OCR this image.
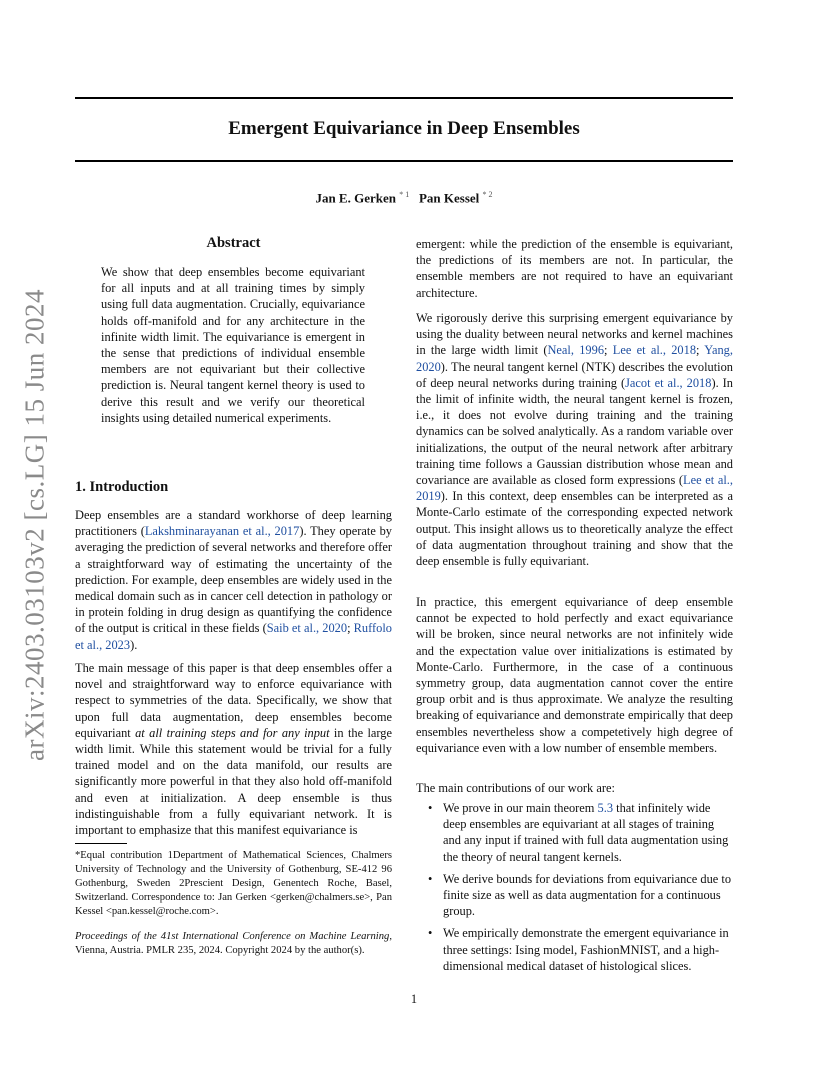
arXiv:2403.03103v2 [cs.LG] 15 Jun 2024
Emergent Equivariance in Deep Ensembles
Jan E. Gerken $^{* 1}$ Pan Kessel $^{* 2}$
Abstract

We show that deep ensembles become equivariant for all inputs and at all training times by simply using full data augmentation. Crucially, equivariance holds off-manifold and for any architecture in the infinite width limit. The equivariance is emergent in the sense that predictions of individual ensemble members are not equivariant but their collective prediction is. Neural tangent kernel theory is used to derive this result and we verify our theoretical insights using detailed numerical experiments.

1. Introduction

Deep ensembles are a standard workhorse of deep learning practitioners (Lakshminarayanan et al., 2017). They operate by averaging the prediction of several networks and therefore offer a straightforward way of estimating the uncertainty of the prediction. For example, deep ensembles are widely used in the medical domain such as in cancer cell detection in pathology or in protein folding in drug design as quantifying the confidence of the output is critical in these fields (Saib et al., 2020; Ruffolo et al., 2023).

The main message of this paper is that deep ensembles offer a novel and straightforward way to enforce equivariance with respect to symmetries of the data. Specifically, we show that upon full data augmentation, deep ensembles become equivariant at all training steps and for any input in the large width limit. While this statement would be trivial for a fully trained model and on the data manifold, our results are significantly more powerful in that they also hold off-manifold and even at initialization. A deep ensemble is thus indistinguishable from a fully equivariant network. It is important to emphasize that this manifest equivariance is

*Equal contribution 1Department of Mathematical Sciences, Chalmers University of Technology and the University of Gothenburg, SE-412 96 Gothenburg, Sweden 2Prescient Design, Genentech Roche, Basel, Switzerland. Correspondence to: Jan Gerken <gerken@chalmers.se>, Pan Kessel <pan.kessel@roche.com>.

Proceedings of the 41st International Conference on Machine Learning, Vienna, Austria. PMLR 235, 2024. Copyright 2024 by the author(s).

emergent: while the prediction of the ensemble is equivariant, the predictions of its members are not. In particular, the ensemble members are not required to have an equivariant architecture.

We rigorously derive this surprising emergent equivariance by using the duality between neural networks and kernel machines in the large width limit (Neal, 1996; Lee et al., 2018; Yang, 2020). The neural tangent kernel (NTK) describes the evolution of deep neural networks during training (Jacot et al., 2018). In the limit of infinite width, the neural tangent kernel is frozen, i.e., it does not evolve during training and the training dynamics can be solved analytically. As a random variable over initializations, the output of the neural network after arbitrary training time follows a Gaussian distribution whose mean and covariance are available as closed form expressions (Lee et al., 2019). In this context, deep ensembles can be interpreted as a Monte-Carlo estimate of the corresponding expected network output. This insight allows us to theoretically analyze the effect of data augmentation throughout training and show that the deep ensemble is fully equivariant.

In practice, this emergent equivariance of deep ensemble cannot be expected to hold perfectly and exact equivariance will be broken, since neural networks are not infinitely wide and the expectation value over initializations is estimated by Monte-Carlo. Furthermore, in the case of a continuous symmetry group, data augmentation cannot cover the entire group orbit and is thus approximate. We analyze the resulting breaking of equivariance and demonstrate empirically that deep ensembles nevertheless show a competetively high degree of equivariance even with a low number of ensemble members.

The main contributions of our work are:

• We prove in our main theorem 5.3 that infinitely wide deep ensembles are equivariant at all stages of training and any input if trained with full data augmentation using the theory of neural tangent kernels.
• We derive bounds for deviations from equivariance due to finite size as well as data augmentation for a continuous group.
• We empirically demonstrate the emergent equivariance in three settings: Ising model, FashionMNIST, and a high-dimensional medical dataset of histological slices.
1
